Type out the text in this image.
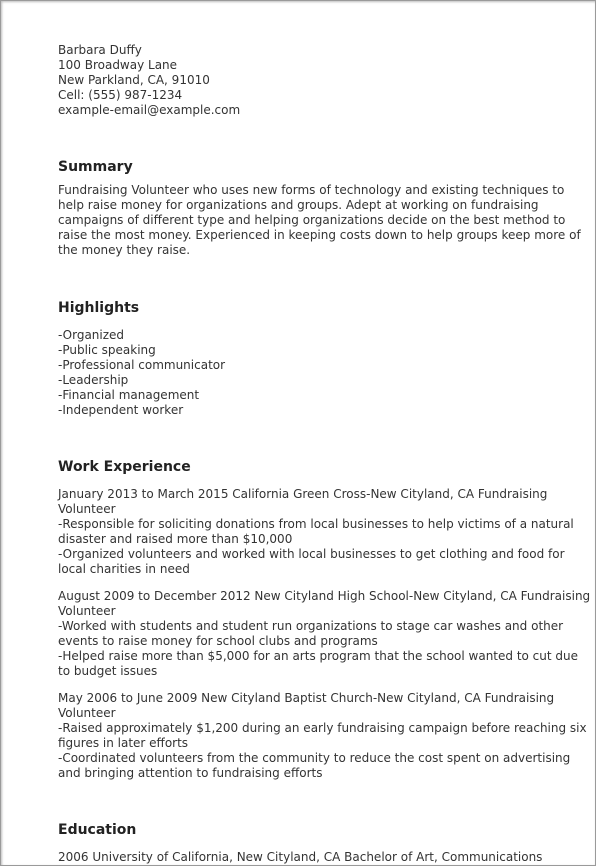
Barbara Duffy
100 Broadway Lane
New Parkland, CA, 91010
Cell: (555) 987-1234
example-email@example.com
Summary
Fundraising Volunteer who uses new forms of technology and existing techniques to help raise money for organizations and groups. Adept at working on fundraising campaigns of different type and helping organizations decide on the best method to raise the most money. Experienced in keeping costs down to help groups keep more of the money they raise.
Highlights
-Organized
-Public speaking
-Professional communicator
-Leadership
-Financial management
-Independent worker
Work Experience
January 2013 to March 2015 California Green Cross-New Cityland, CA Fundraising Volunteer
-Responsible for soliciting donations from local businesses to help victims of a natural disaster and raised more than $10,000
-Organized volunteers and worked with local businesses to get clothing and food for local charities in need
August 2009 to December 2012 New Cityland High School-New Cityland, CA Fundraising Volunteer
-Worked with students and student run organizations to stage car washes and other events to raise money for school clubs and programs
-Helped raise more than $5,000 for an arts program that the school wanted to cut due to budget issues
May 2006 to June 2009 New Cityland Baptist Church-New Cityland, CA Fundraising Volunteer
-Raised approximately $1,200 during an early fundraising campaign before reaching six figures in later efforts
-Coordinated volunteers from the community to reduce the cost spent on advertising and bringing attention to fundraising efforts
Education
2006 University of California, New Cityland, CA Bachelor of Art, Communications
